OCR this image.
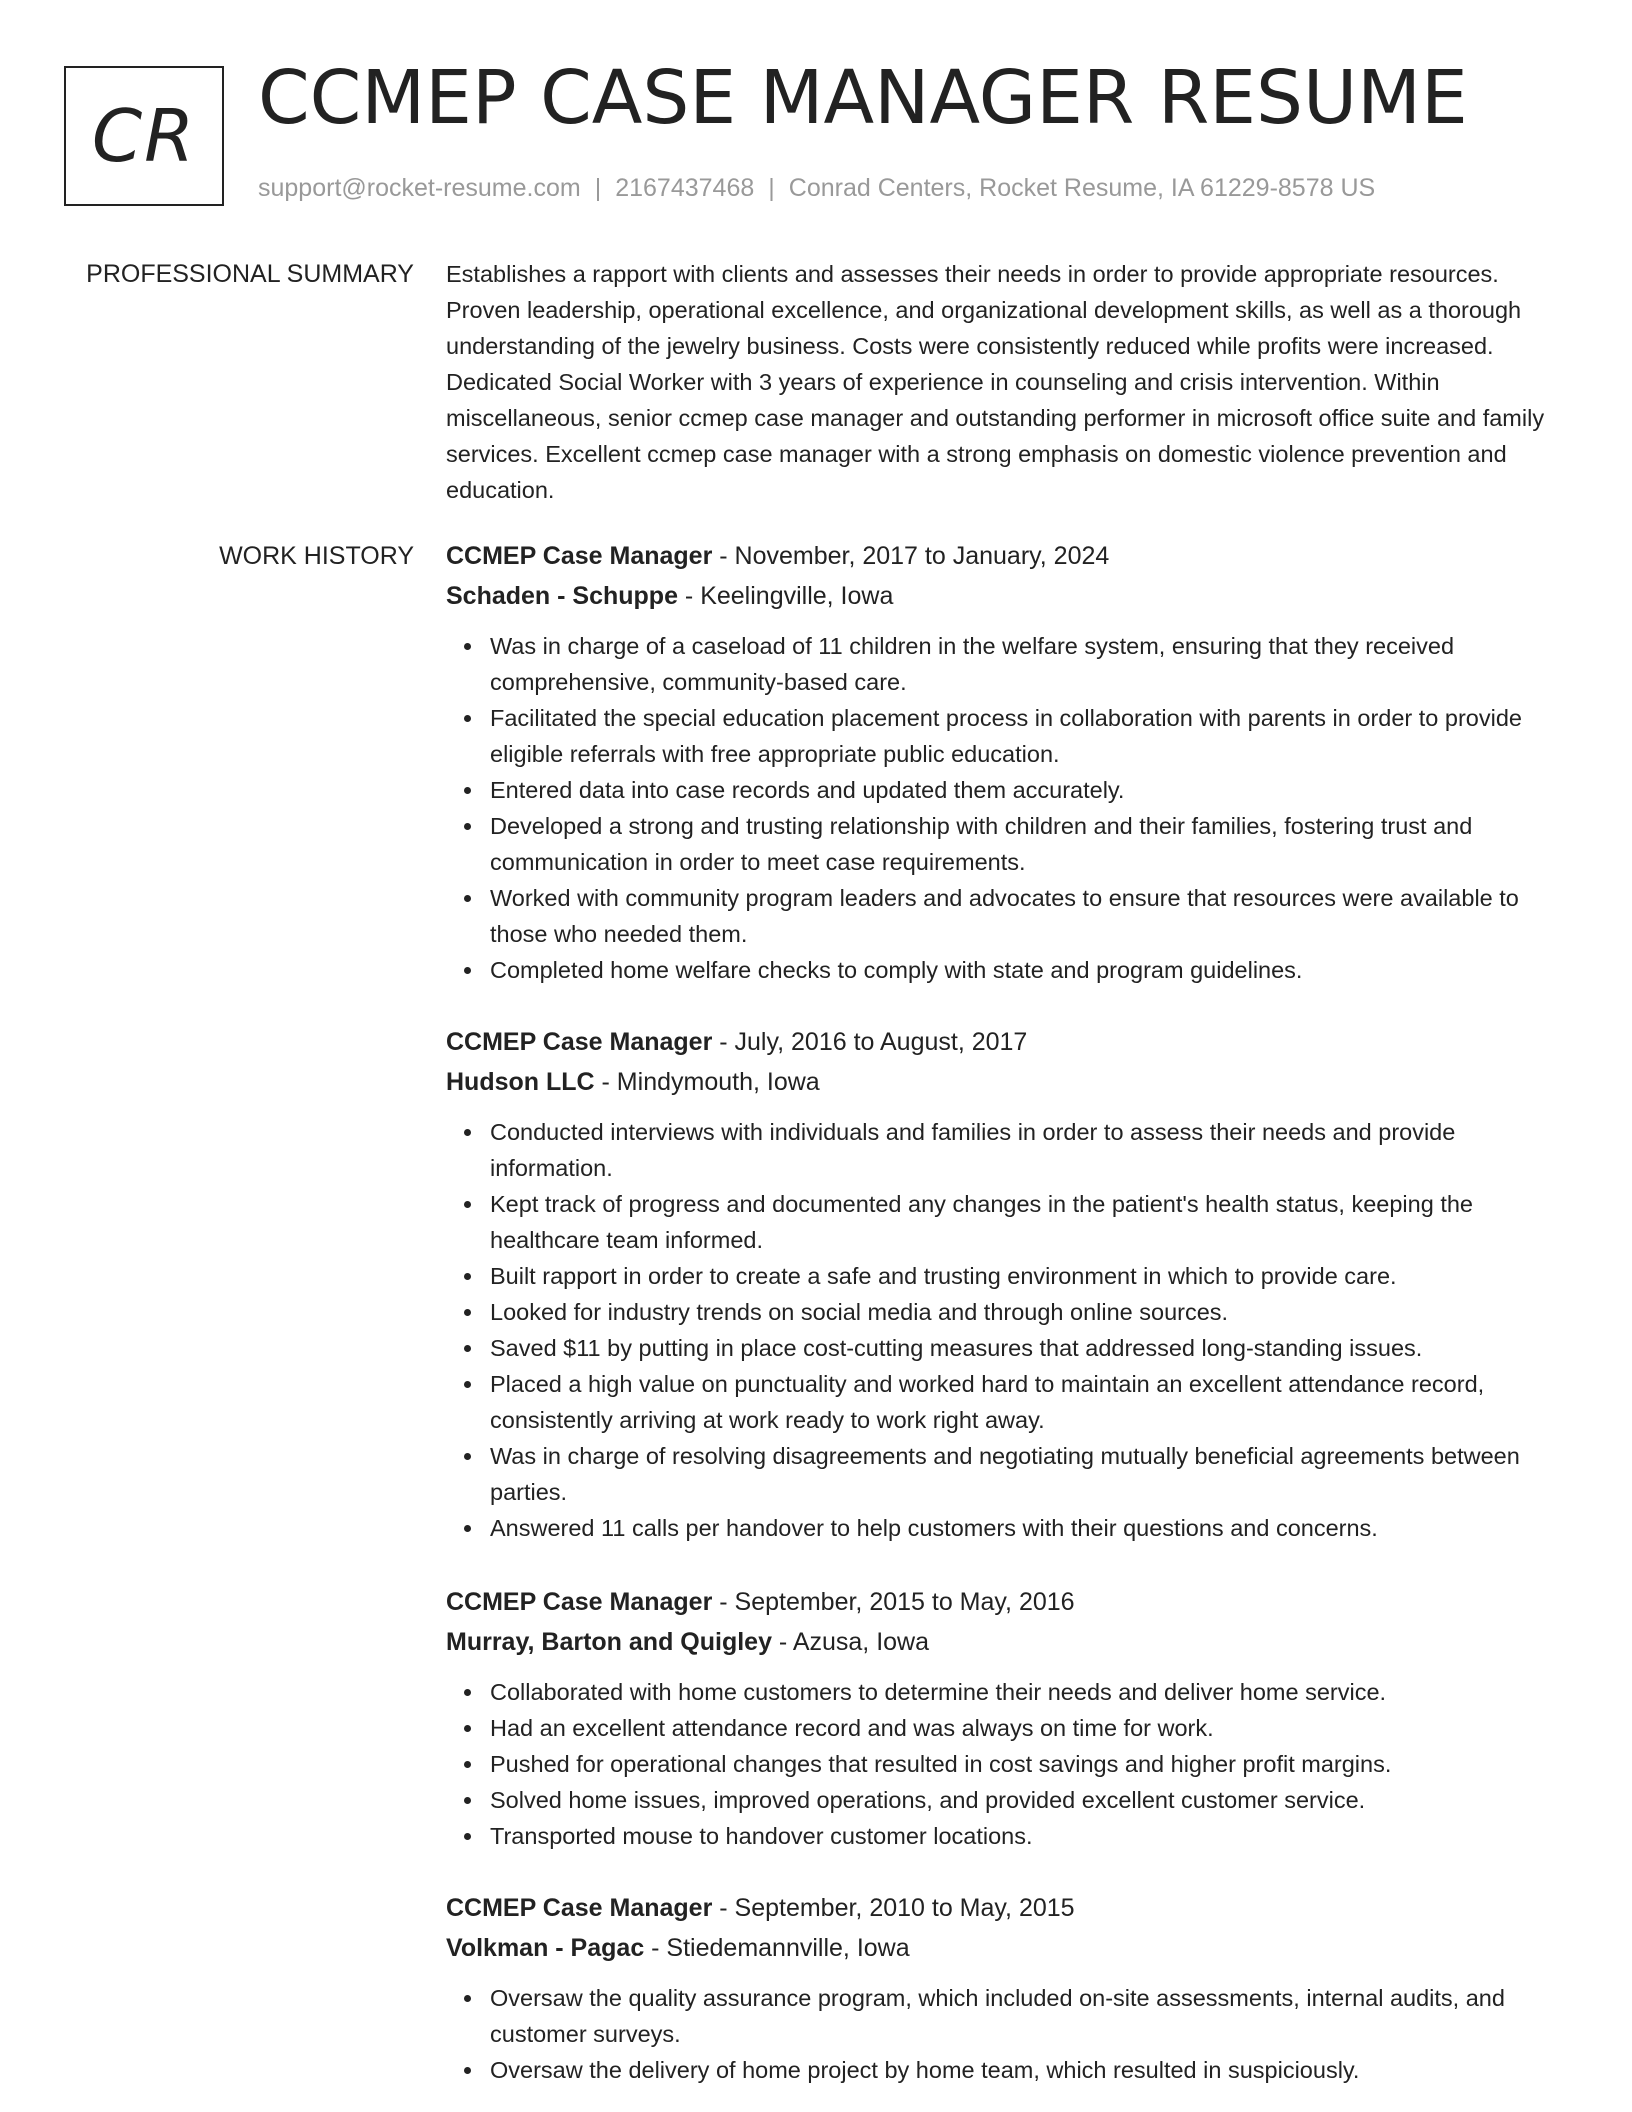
CR CCMEP CASE MANAGER RESUME
support@rocket-resume.com | 2167437468 | Conrad Centers, Rocket Resume, IA 61229-8578 US
PROFESSIONAL SUMMARY Establishes a rapport with clients and assesses their needs in order to provide appropriate resources. Proven leadership, operational excellence, and organizational development skills, as well as a thorough understanding of the jewelry business. Costs were consistently reduced while profits were increased. Dedicated Social Worker with 3 years of experience in counseling and crisis intervention. Within miscellaneous, senior ccmep case manager and outstanding performer in microsoft office suite and family services. Excellent ccmep case manager with a strong emphasis on domestic violence prevention and education.
WORK HISTORY CCMEP Case Manager - November, 2017 to January, 2024
Schaden - Schuppe - Keelingville, Iowa
Was in charge of a caseload of 11 children in the welfare system, ensuring that they received comprehensive, community-based care.
Facilitated the special education placement process in collaboration with parents in order to provide eligible referrals with free appropriate public education.
Entered data into case records and updated them accurately.
Developed a strong and trusting relationship with children and their families, fostering trust and communication in order to meet case requirements.
Worked with community program leaders and advocates to ensure that resources were available to those who needed them.
Completed home welfare checks to comply with state and program guidelines.
CCMEP Case Manager - July, 2016 to August, 2017
Hudson LLC - Mindymouth, Iowa
Conducted interviews with individuals and families in order to assess their needs and provide information.
Kept track of progress and documented any changes in the patient's health status, keeping the healthcare team informed.
Built rapport in order to create a safe and trusting environment in which to provide care.
Looked for industry trends on social media and through online sources.
Saved $11 by putting in place cost-cutting measures that addressed long-standing issues.
Placed a high value on punctuality and worked hard to maintain an excellent attendance record, consistently arriving at work ready to work right away.
Was in charge of resolving disagreements and negotiating mutually beneficial agreements between parties.
Answered 11 calls per handover to help customers with their questions and concerns.
CCMEP Case Manager - September, 2015 to May, 2016
Murray, Barton and Quigley - Azusa, Iowa
Collaborated with home customers to determine their needs and deliver home service.
Had an excellent attendance record and was always on time for work.
Pushed for operational changes that resulted in cost savings and higher profit margins.
Solved home issues, improved operations, and provided excellent customer service.
Transported mouse to handover customer locations.
CCMEP Case Manager - September, 2010 to May, 2015
Volkman - Pagac - Stiedemannville, Iowa
Oversaw the quality assurance program, which included on-site assessments, internal audits, and customer surveys.
Oversaw the delivery of home project by home team, which resulted in suspiciously.
